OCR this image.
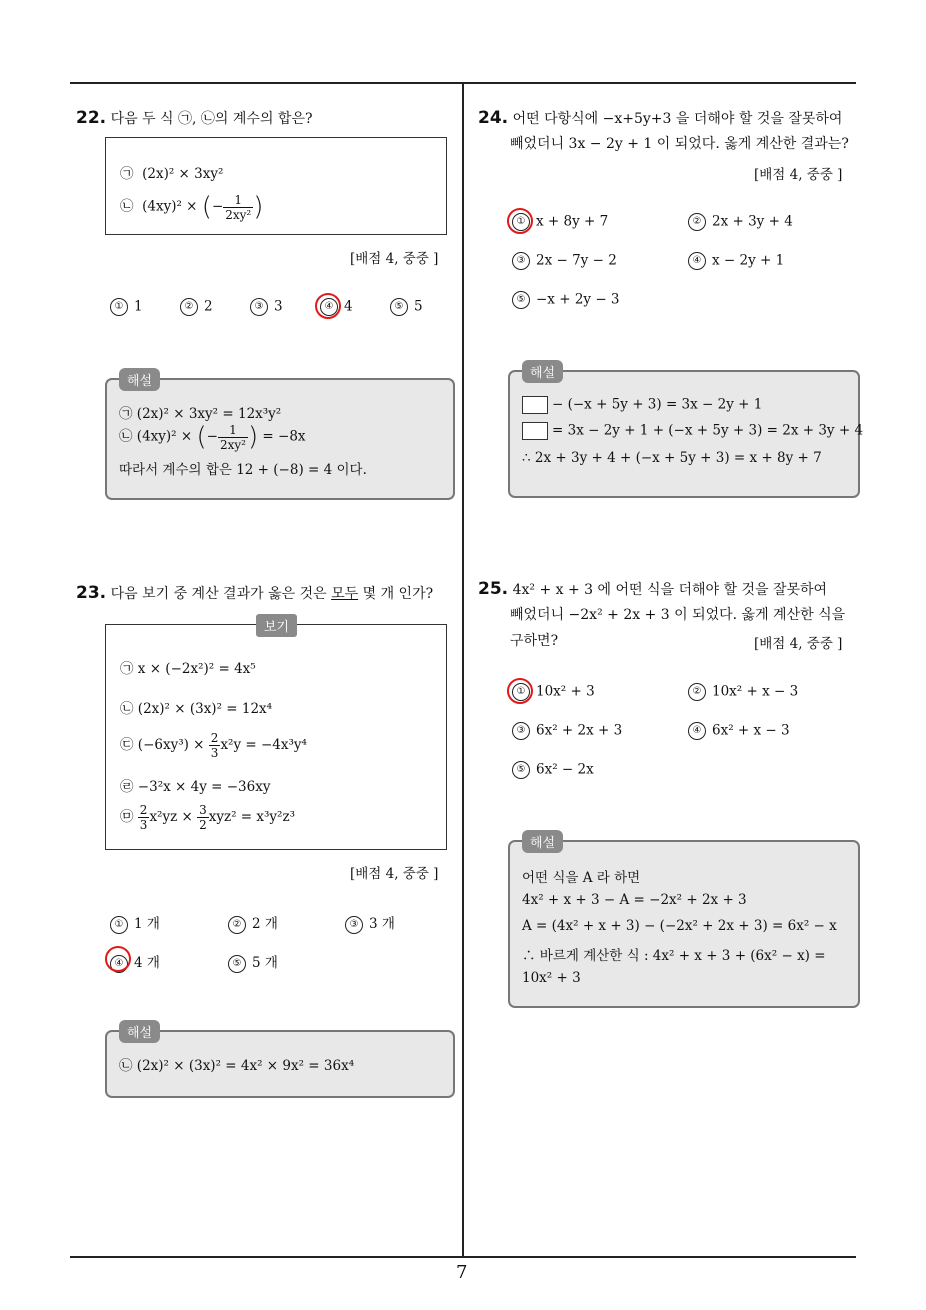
7
22. 다음 두 식 ㉠, ㉡의 계수의 합은?
㉠ (2x)² × 3xy²
㉡ (4xy)² × (− $\frac{1}{\text{2xy²}}$ )
[배점 4, 중중 ]
① 1	② 2	③ 3	④ 4	⑤ 5
해설
㉠ (2x)² × 3xy² = 12x³y²
㉡ (4xy)² × (− $\frac{1}{\text{2xy²}}$ ) = −8x
따라서 계수의 합은 12 + (−8) = 4 이다.
23. 다음 보기 중 계산 결과가 옳은 것은 모두 몇 개 인가?
보기
㉠ x × (−2x²)² = 4x⁵
㉡ (2x)² × (3x)² = 12x⁴
㉢ $(-6xy^3) \times \frac{2}{3} x^2y = -4x^3y^4$
㉣ −3²x × 4y = −36xy
㉤ $\frac{2}{3} x^2yz \times \frac{3}{2} xyz^2 = x^3y^2z^3$
[배점 4, 중중 ]
① 1 개	② 2 개	③ 3 개
④ 4 개	⑤ 5 개
해설
㉡ (2x)² × (3x)² = 4x² × 9x² = 36x⁴
24. 어떤 다항식에 −x+5y+3 을 더해야 할 것을 잘못하여
빼었더니 3x − 2y + 1 이 되었다. 옳게 계산한 결과는?
[배점 4, 중중 ]
① x + 8y + 7	② 2x + 3y + 4
③ 2x − 7y − 2	④ x − 2y + 1
⑤ −x + 2y − 3
해설
− (−x + 5y + 3) = 3x − 2y + 1
= 3x − 2y + 1 + (−x + 5y + 3) = 2x + 3y + 4
∴ 2x + 3y + 4 + (−x + 5y + 3) = x + 8y + 7
25. 4x² + x + 3 에 어떤 식을 더해야 할 것을 잘못하여
빼었더니 −2x² + 2x + 3 이 되었다. 옳게 계산한 식을
구하면?	[배점 4, 중중 ]
① 10x² + 3	② 10x² + x − 3
③ 6x² + 2x + 3	④ 6x² + x − 3
⑤ 6x² − 2x
해설
어떤 식을 A 라 하면
4x² + x + 3 − A = −2x² + 2x + 3
A = (4x² + x + 3) − (−2x² + 2x + 3) = 6x² − x
∴ 바르게 계산한 식 : 4x² + x + 3 + (6x² − x) =
10x² + 3
